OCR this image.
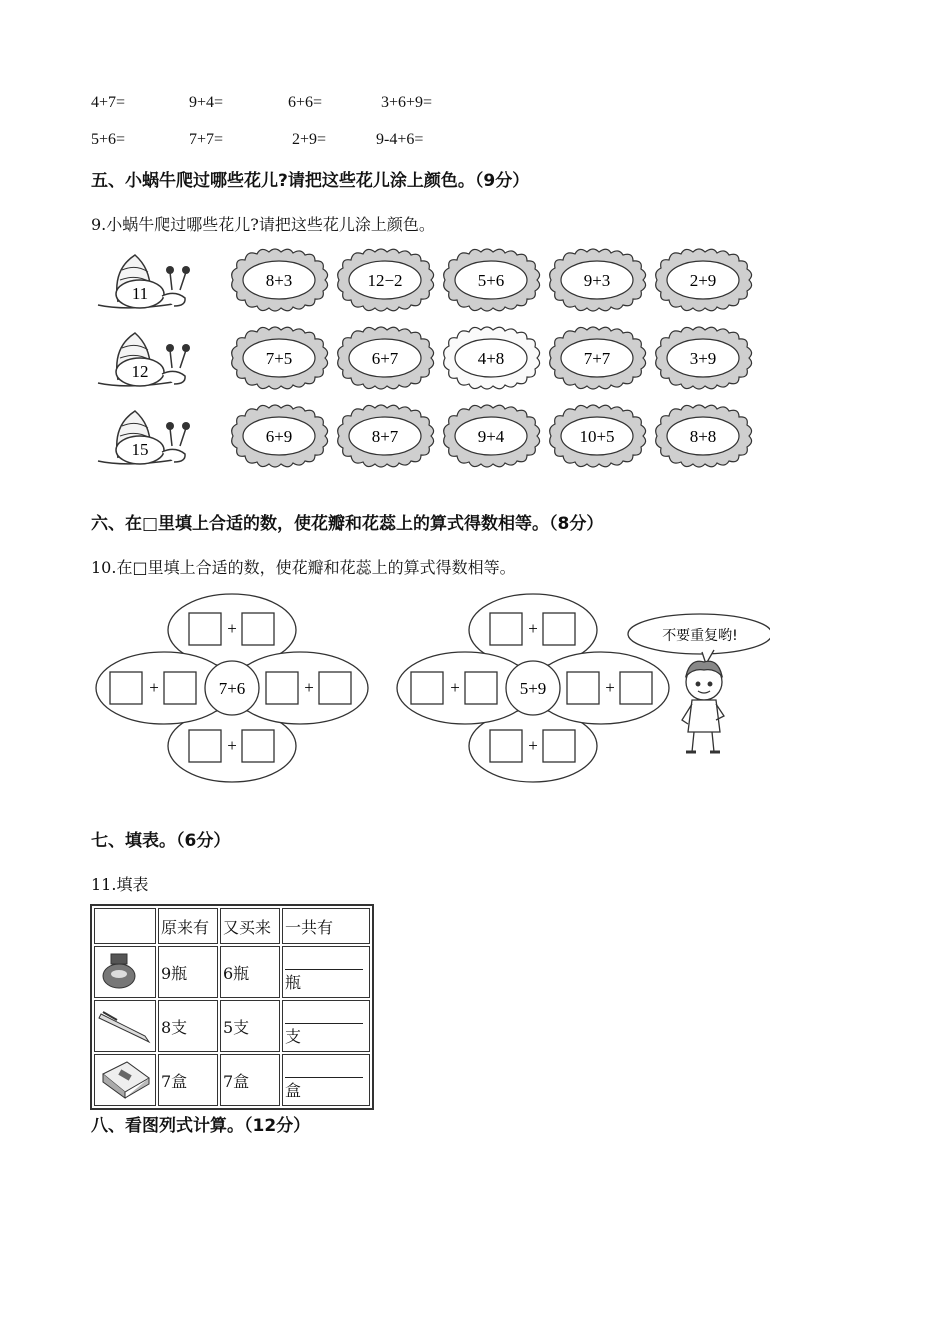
4+7=	9+4=	6+6=	3+6+9=
5+6=	7+7=	2+9=	9-4+6=
五、小蜗牛爬过哪些花儿?请把这些花儿涂上颜色。（9分）
9.小蜗牛爬过哪些花儿?请把这些花儿涂上颜色。
11
8+3	12−2	5+6	9+3	2+9
12
7+5	6+7	4+8	7+7	3+9
15
6+9	8+7	9+4	10+5	8+8
六、在□里填上合适的数，使花瓣和花蕊上的算式得数相等。（8分）
10.在□里填上合适的数，使花瓣和花蕊上的算式得数相等。
7+6
+
+
+	+	5+9
+
+
+	+
不要重复哟!
七、填表。（6分）
11.填表
	原来有	又买来	一共有
	9瓶	6瓶	瓶
	8支	5支	支
	7盒	7盒	盒
八、看图列式计算。（12分）
